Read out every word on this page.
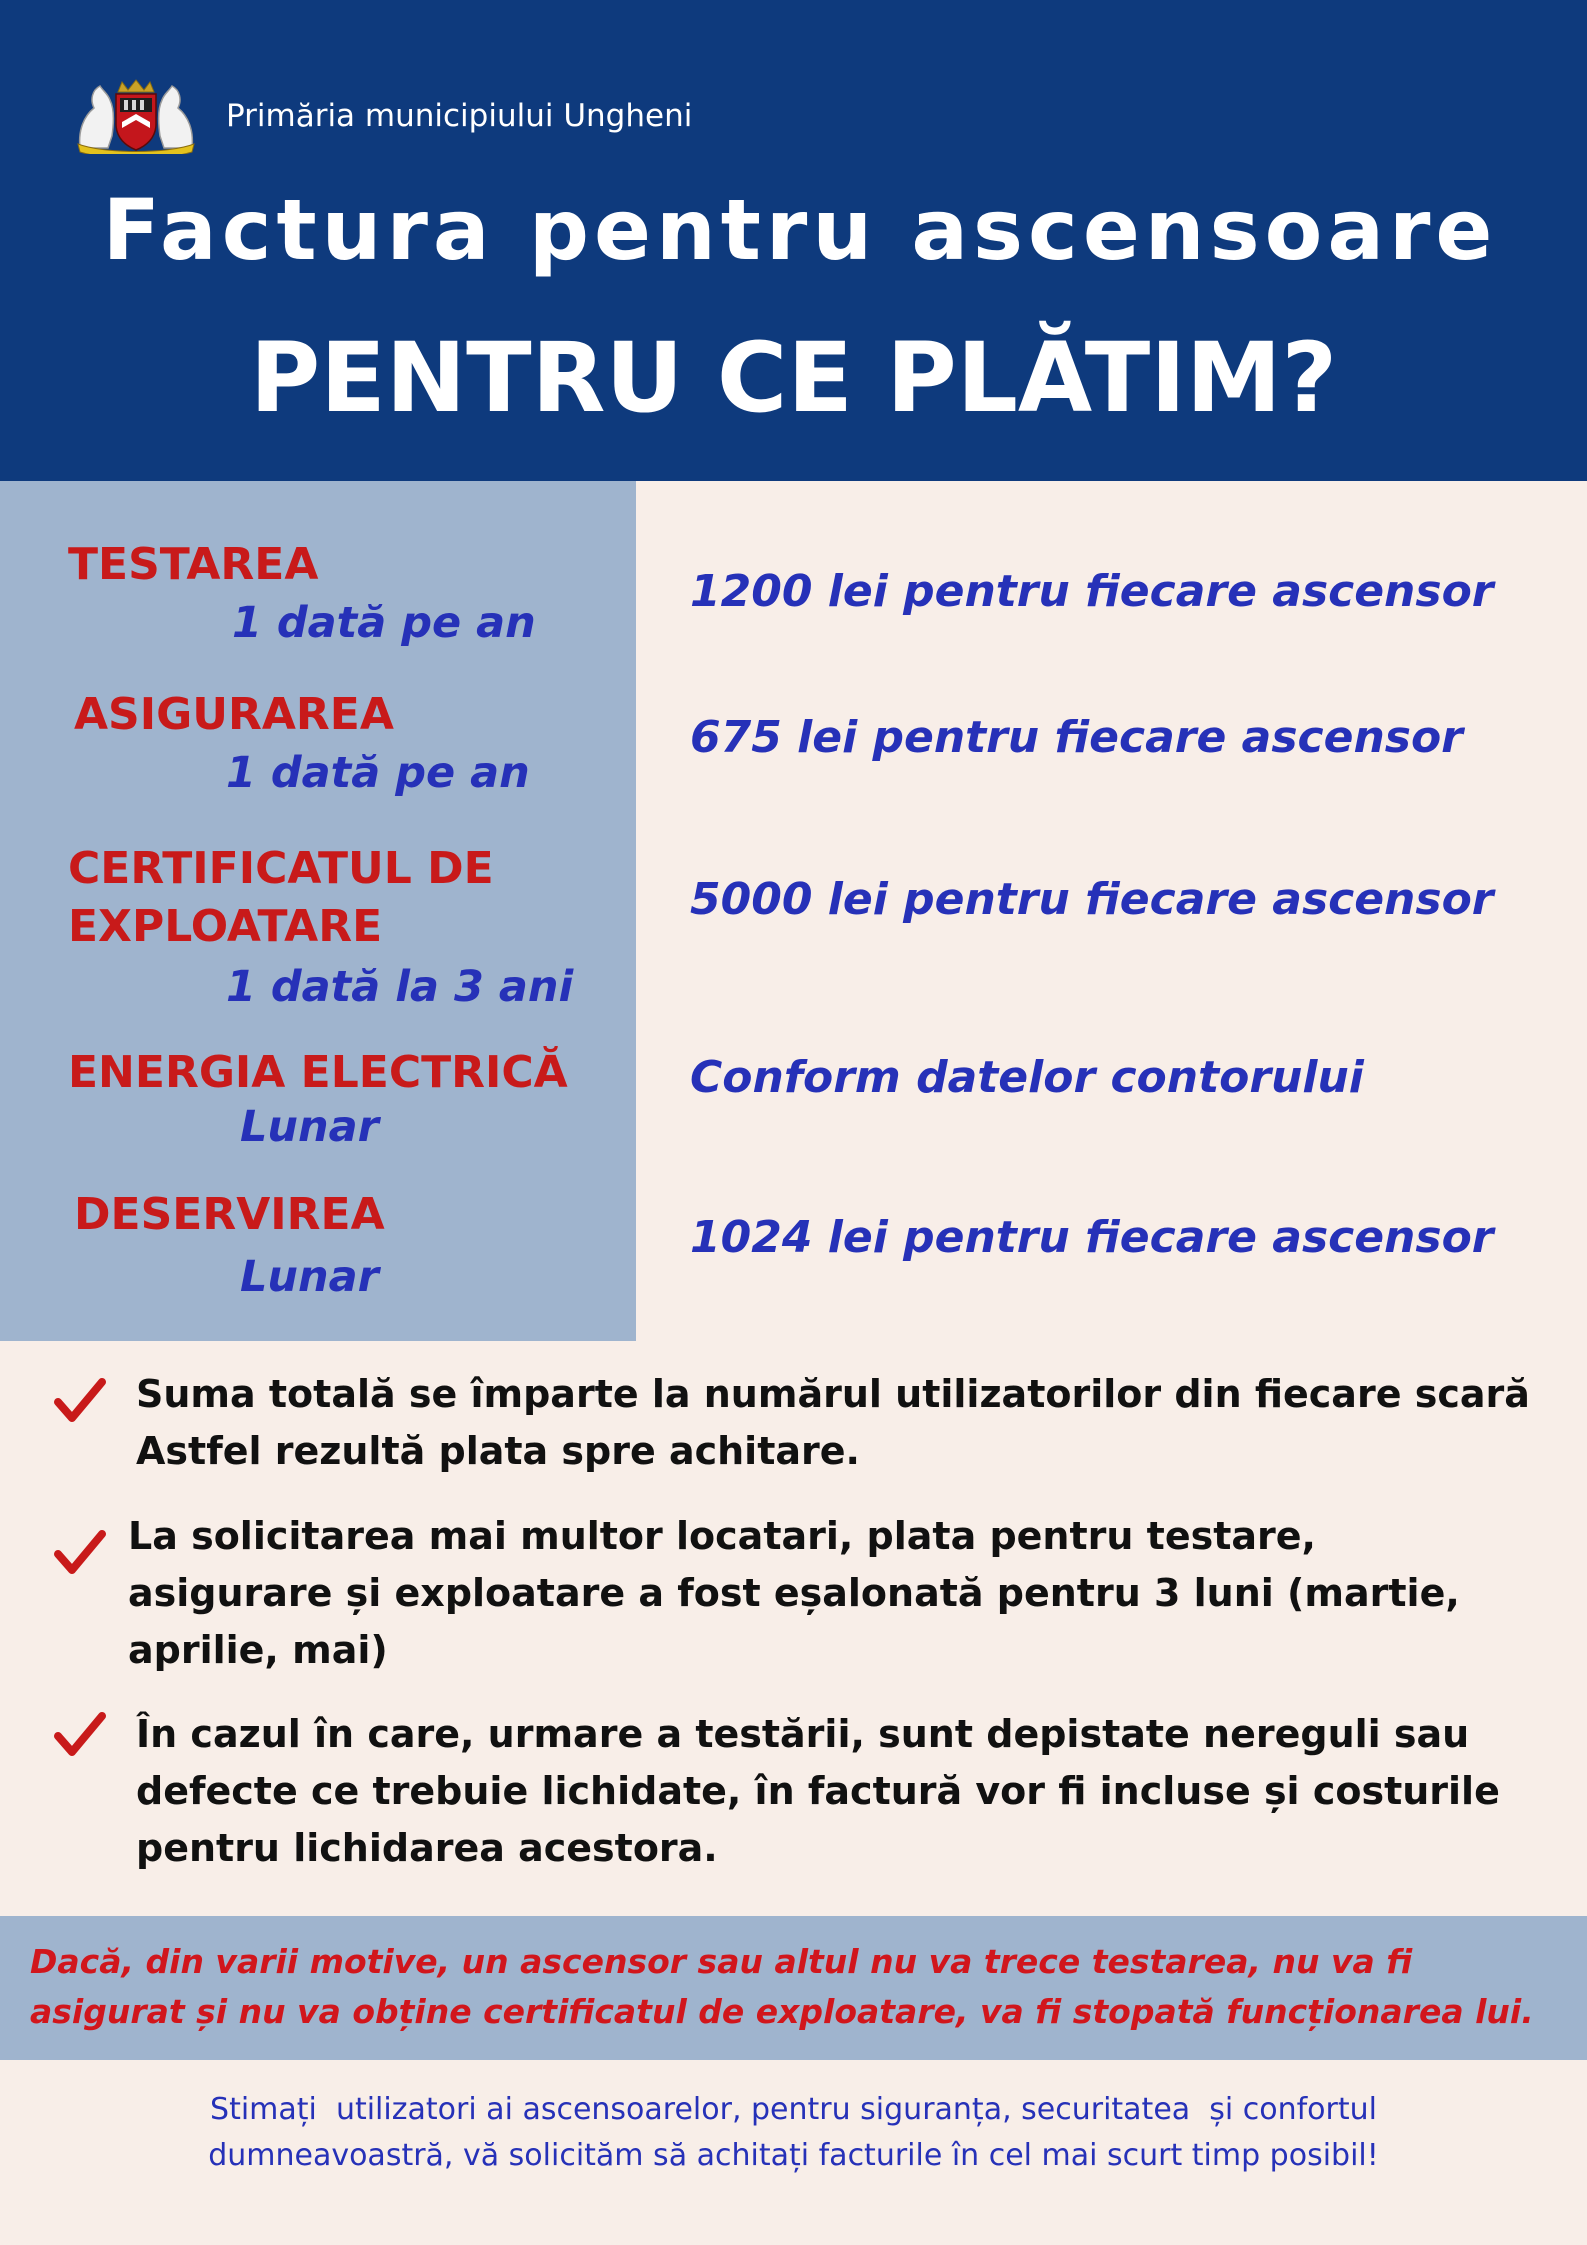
Primăria municipiului Ungheni
Factura pentru ascensoare
PENTRU CE PLĂTIM?
TESTAREA
1 dată pe an
1200 lei pentru fiecare ascensor
ASIGURAREA
1 dată pe an
675 lei pentru fiecare ascensor
CERTIFICATUL DE
EXPLOATARE
1 dată la 3 ani
5000 lei pentru fiecare ascensor
ENERGIA ELECTRICĂ
Lunar
Conform datelor contorului
DESERVIREA
Lunar
1024 lei pentru fiecare ascensor
Suma totală se împarte la numărul utilizatorilor din fiecare scară
Astfel rezultă plata spre achitare.
La solicitarea mai multor locatari, plata pentru testare,
asigurare și exploatare a fost eșalonată pentru 3 luni (martie,
aprilie, mai)
În cazul în care, urmare a testării, sunt depistate nereguli sau
defecte ce trebuie lichidate, în factură vor fi incluse și costurile
pentru lichidarea acestora.
Dacă, din varii motive, un ascensor sau altul nu va trece testarea, nu va fi
asigurat și nu va obține certificatul de exploatare, va fi stopată funcționarea lui.
Stimați  utilizatori ai ascensoarelor, pentru siguranța, securitatea  și confortul
dumneavoastră, vă solicităm să achitați facturile în cel mai scurt timp posibil!
